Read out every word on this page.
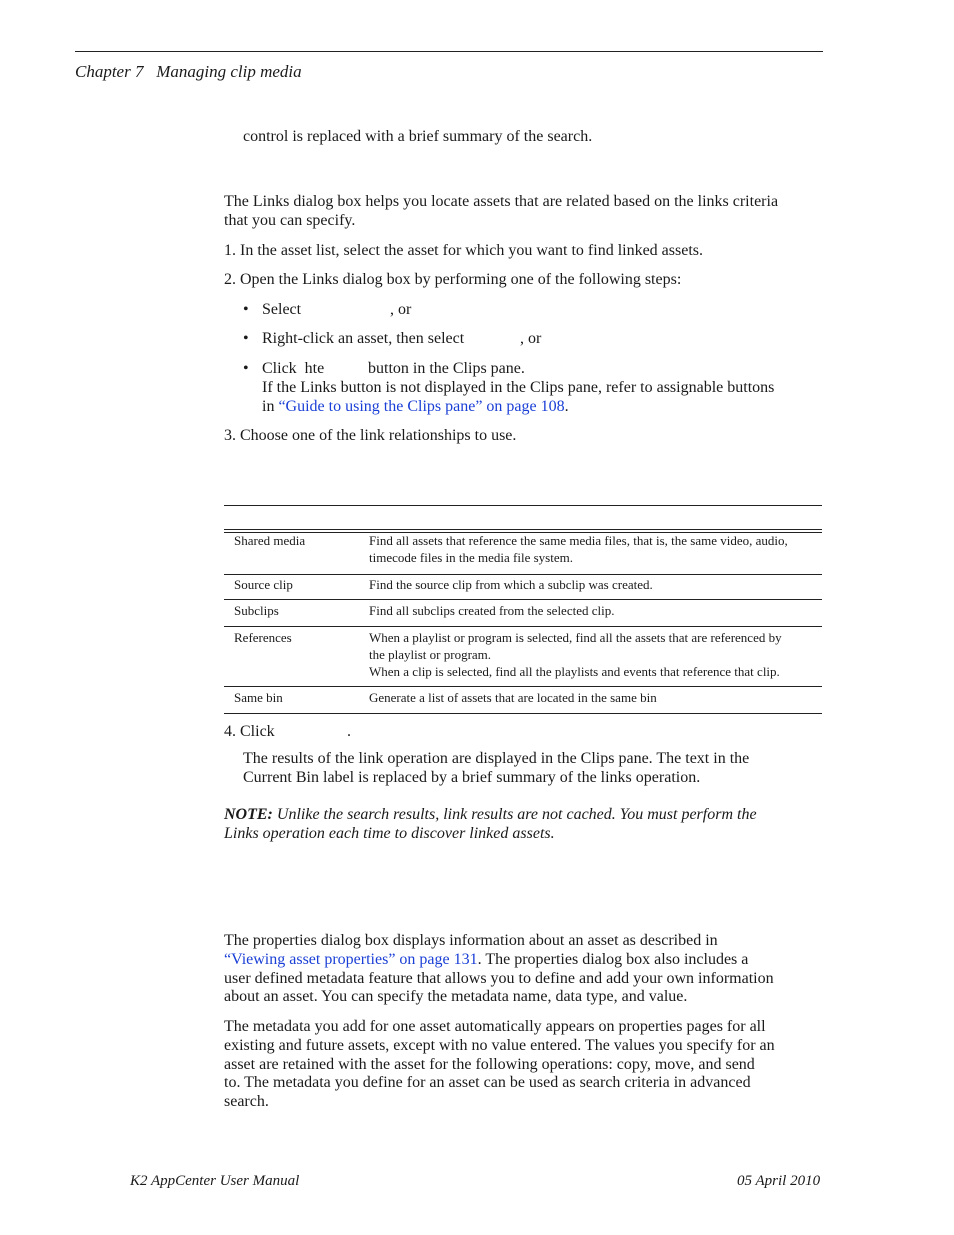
Chapter 7   Managing clip media
control is replaced with a brief summary of the search.
The Links dialog box helps you locate assets that are related based on the links criteria
that you can specify.
1. In the asset list, select the asset for which you want to find linked assets.
2. Open the Links dialog box by performing one of the following steps:
• Select	, or
• Right-click an asset, then select	, or
• Click  hte	button in the Clips pane.
If the Links button is not displayed in the Clips pane, refer to assignable buttons
in “Guide to using the Clips pane” on page 108.
3. Choose one of the link relationships to use.
Shared media	Find all assets that reference the same media files, that is, the same video, audio,
timecode files in the media file system.
Source clip	Find the source clip from which a subclip was created.
Subclips	Find all subclips created from the selected clip.
References	When a playlist or program is selected, find all the assets that are referenced by
the playlist or program.
When a clip is selected, find all the playlists and events that reference that clip.
Same bin	Generate a list of assets that are located in the same bin
4. Click	.
The results of the link operation are displayed in the Clips pane. The text in the
Current Bin label is replaced by a brief summary of the links operation.
NOTE: Unlike the search results, link results are not cached. You must perform the
Links operation each time to discover linked assets.
The properties dialog box displays information about an asset as described in
“Viewing asset properties” on page 131. The properties dialog box also includes a
user defined metadata feature that allows you to define and add your own information
about an asset. You can specify the metadata name, data type, and value.
The metadata you add for one asset automatically appears on properties pages for all
existing and future assets, except with no value entered. The values you specify for an
asset are retained with the asset for the following operations: copy, move, and send
to. The metadata you define for an asset can be used as search criteria in advanced
search.
K2 AppCenter User Manual	05 April 2010
